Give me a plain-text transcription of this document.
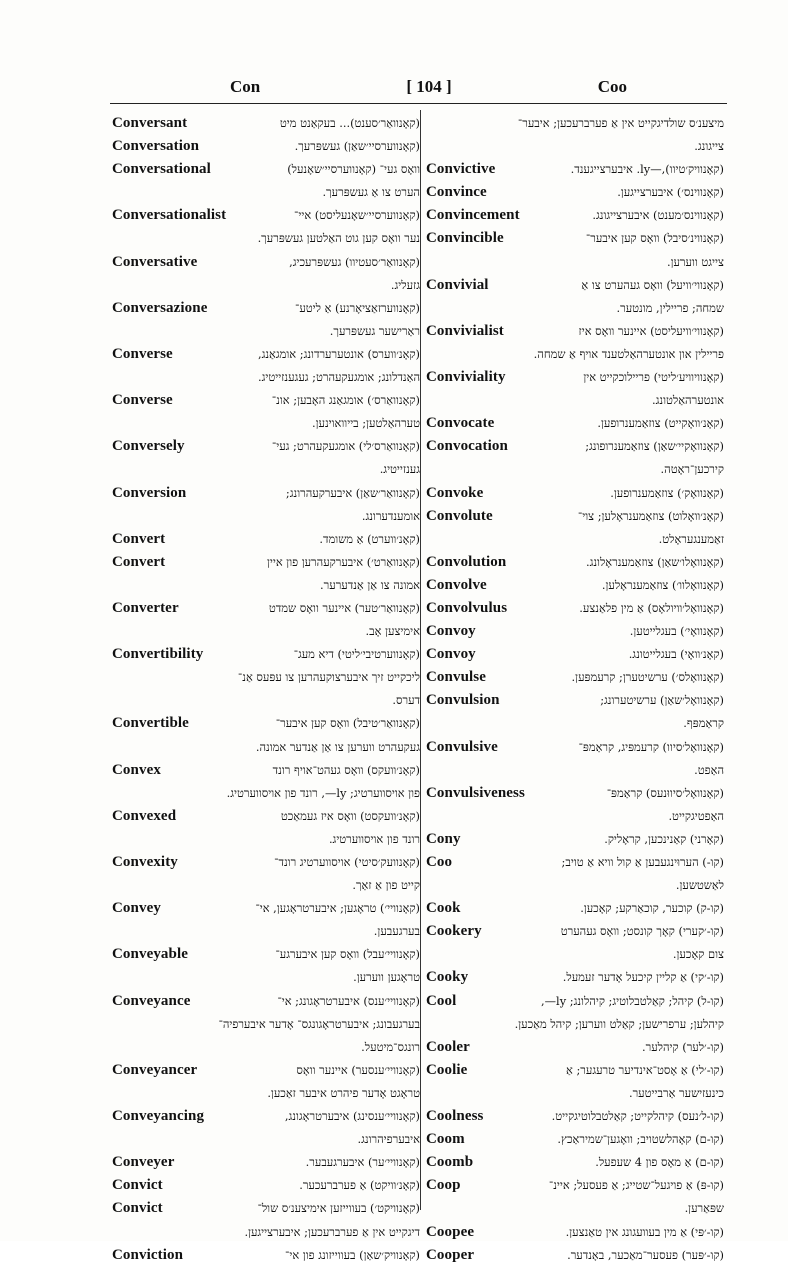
Con	[ 104 ]	Coo
Conversant	(קאָנוואַר׳סענט)... בעקאַנט מיט
Conversation	(קאָנווערסיי׳שאַן) געשפּרעך.
Conversational	וואָס געי־ (קאָנווערסיי׳שאָנעל)
הערט צו אַ געשפּרעך.
Conversationalist	(קאָנווערסיי׳שאָנעליסט) איי־
נער וואָס קען גוט האַלטען געשפּרעך.
Conversative	(קאָנוואַר׳סעטיוו) געשפּרעכיג,
גזעליג.
Conversazione	(קאָנווערזאַציאָרנע) אַ ליטע־
ראַרישער געשפּרעך.
Converse	(קאָנ׳ווערס) אונטערערדונג; אומגאַנג,
האַנדלונג; אומגעקעהרט; געגענזייטיג.
Converse	(קאָנוואַרס׳) אומגאַנג האָבען; אונ־
טערהאַלטען; בייוואוינען.
Conversely	(קאָנוואַרס׳לי) אומגעקעהרט; געי־
גענזייטיג.
Conversion	(קאָנוואַר׳שאַן) איבערקעהרונג;
אומענדערונג.
Convert	(קאָנ׳ווערט) אַ משומד.
Convert	(קאָנוואַרט׳) איבערקעהרען פון איין
אמונה צו אַן אַנדערער.
Converter	(קאָנוואַר׳טער) איינער וואָס שמדט
אימיצען אָב.
Convertibility	(קאָנווערטיבי׳ליטי) דיא מעג־
ליכקייט זיך איבערצוקעהרען צו עפּעס אַנ־
דערס.
Convertible	(קאָנוואַר׳טיבל) וואָס קען איבער־
געקעהרט ווערען צו אַן אַנדער אמונה.
Convex	(קאָנ׳וועקס) וואָס געהט־אויף רונד
פון אויסווערטיג; ly—, רונד פון אויסווערטיג.
Convexed	(קאָנ׳וועקסט) וואָס איז געמאַכט
רונד פון אויסווערטיג.
Convexity	(קאָנוועק׳סיטי) אויסווערטיג רונד־
קייט פון אַ זאַך.
Convey	(קאָנוויי׳) טראָגען; איבערטראָגען, אי־
בערגעבען.
Conveyable	(קאָנוויי׳עבל) וואָס קען איבערגע־
טראָגען ווערען.
Conveyance	(קאָנוויי׳ענס) איבערטראָגונג; אי־
בערגעבונג; איבערטראָגונגס־ אָדער איבערפיה־
רונגס־מיטעל.
Conveyancer	(קאָנוויי׳ענסער) איינער וואָס
טראָגט אָדער פיהרט איבער זאַכען.
Conveyancing	(קאָנוויי׳ענסינג) איבערטראָגונג,
איבערפיהרונג.
Conveyer	(קאָנוויי׳ער) איבערגעבער.
Convict	(קאָנ׳וויקט) אַ פערברעכער.
Convict	(קאָנוויקט׳) בעווייזען אימיצענ׳ס שול־
דיגקייט אין אַ פערברעכען; איבערצייגען.
Conviction	(קאָנוויק׳שאַן) בעווייזונג פון אי־
מיצענ׳ס שולדיגקייט אין אַ פערברעכען; איבער־
צייגונג.
Convictive	(קאָנוויק׳טיוו),—ly. איבערצייגענד.
Convince	(קאָנווינס׳) איבערצייגען.
Convincement	(קאָנווינס׳מענט) איבערצייגונג.
Convincible	(קאָנווינ׳סיבל) וואָס קען איבער־
צייגט ווערען.
Convivial	(קאָנווי׳וויעל) וואָס געהערט צו אַ
שמחה; פריילין, מונטער.
Convivialist	(קאָנווי׳וויעליסט) איינער וואָס איז
פריילין און אונטערהאַלטענד אויף אַ שמחה.
Conviviality	(קאָנוויוויע׳ליטי) פריילוכקייט אין
אונטערהאַלטונג.
Convocate	(קאָנ׳וואָקייט) צוזאַמענרופען.
Convocation	(קאָנוואָקיי׳שאַן) צוזאַמענרופונג;
קירכען־ראָטה.
Convoke	(קאָנוואָק׳) צוזאַמענרופען.
Convolute	(קאָנ׳וואָלוט) צוזאַמענראָלען; צוי־
זאַמענגעראָלט.
Convolution	(קאָנוואָלו׳שאַן) צוזאַמענראָלונג.
Convolve	(קאָנוואָלוו׳) צוזאַמענראָלען.
Convolvulus	(קאָנוואָל׳וויולאָס) אַ מין פלאַנצע.
Convoy	(קאָנוואָי׳) בעגלייטען.
Convoy	(קאָנ׳וואָי) בעגלייטונג.
Convulse	(קאָנוואָלס׳) ערשיטערן; קרעמפּען.
Convulsion	(קאָנוואָל׳שאַן) ערשיטערונג;
קראַמפּף.
Convulsive	(קאָנוואָל׳סיוו) קרעמפּיג, קראַמפּ־
האַפט.
Convulsiveness	(קאָנוואָל׳סיווּנעס) קראַמפּ־
האַפטיגקייט.
Cony	(קאָרני) קאַנינכען, קראָליק.
Coo	(קו-) הערוּינגעבען אַ קול וויא אַ טויב;
לאַשטשען.
Cook	(קו-ק) קוכער, קוכאַרקע; קאָכען.
Cookery	(קו-׳קערי) קאָך קונסט; וואָס געהערט
צום קאָכען.
Cooky	(קו-׳קי) אַ קליין קיכעל אָדער זעמעל.
Cool	(קו-ל) קיהל; קאַלטבלוטיג; קיהלונג; ly—,
קיהלען; ערפרישען; קאַלט ווערען; קיהל מאַכען.
Cooler	(קו-׳לער) קיהלער.
Coolie	(קו-׳לי) אַ אָסט־אינדיער טרעגער; אַ
כינעזישער אַרבייטער.
Coolness	(קו-ל׳נעס) קיהלקייט; קאַלטבלוטיגקייט.
Coom	(קו-ם) קאָהלשטויב; וואָגען־שמיראַכץ.
Coomb	(קו-ם) אַ מאָס פון 4 שעפעל.
Coop	(קו-פּ) אַ פויגעל־שטייג; אַ פעסעל; איינ־
שפּאַרען.
Coopee	(קו-׳פּי) אַ מין בעוועגונג אין טאַנצען.
Cooper	(קו-׳פּער) פעסער־מאַכער, באָנדער.
